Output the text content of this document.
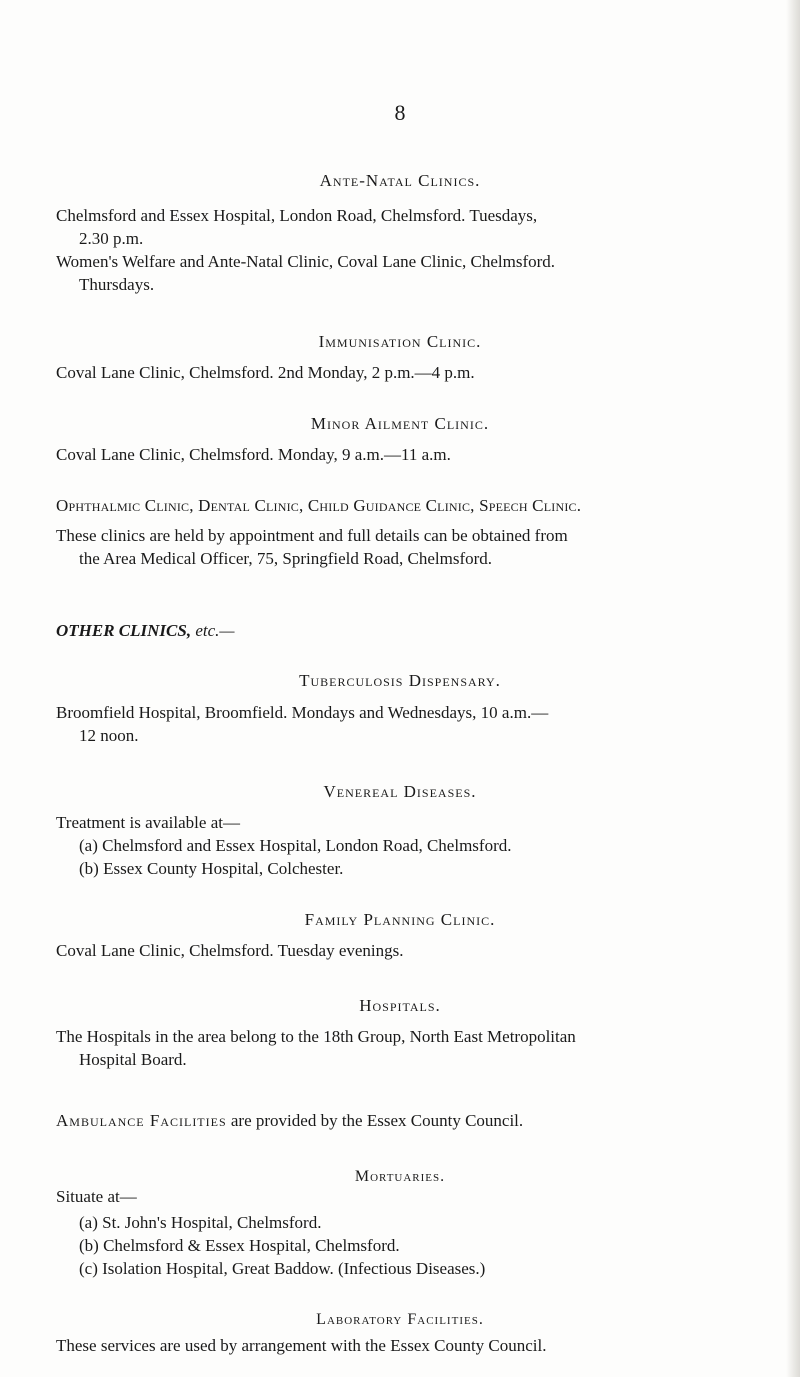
8
Ante-Natal Clinics.
Chelmsford and Essex Hospital, London Road, Chelmsford. Tuesdays,
2.30 p.m.
Women's Welfare and Ante-Natal Clinic, Coval Lane Clinic, Chelmsford.
Thursdays.
Immunisation Clinic.
Coval Lane Clinic, Chelmsford. 2nd Monday, 2 p.m.—4 p.m.
Minor Ailment Clinic.
Coval Lane Clinic, Chelmsford. Monday, 9 a.m.—11 a.m.
Ophthalmic Clinic, Dental Clinic, Child Guidance Clinic, Speech Clinic.
These clinics are held by appointment and full details can be obtained from
the Area Medical Officer, 75, Springfield Road, Chelmsford.
OTHER CLINICS, etc.—
Tuberculosis Dispensary.
Broomfield Hospital, Broomfield. Mondays and Wednesdays, 10 a.m.—
12 noon.
Venereal Diseases.
Treatment is available at—
(a) Chelmsford and Essex Hospital, London Road, Chelmsford.
(b) Essex County Hospital, Colchester.
Family Planning Clinic.
Coval Lane Clinic, Chelmsford. Tuesday evenings.
Hospitals.
The Hospitals in the area belong to the 18th Group, North East Metropolitan
Hospital Board.
Ambulance Facilities are provided by the Essex County Council.
Mortuaries.
Situate at—
(a) St. John's Hospital, Chelmsford.
(b) Chelmsford & Essex Hospital, Chelmsford.
(c) Isolation Hospital, Great Baddow. (Infectious Diseases.)
Laboratory Facilities.
These services are used by arrangement with the Essex County Council.
